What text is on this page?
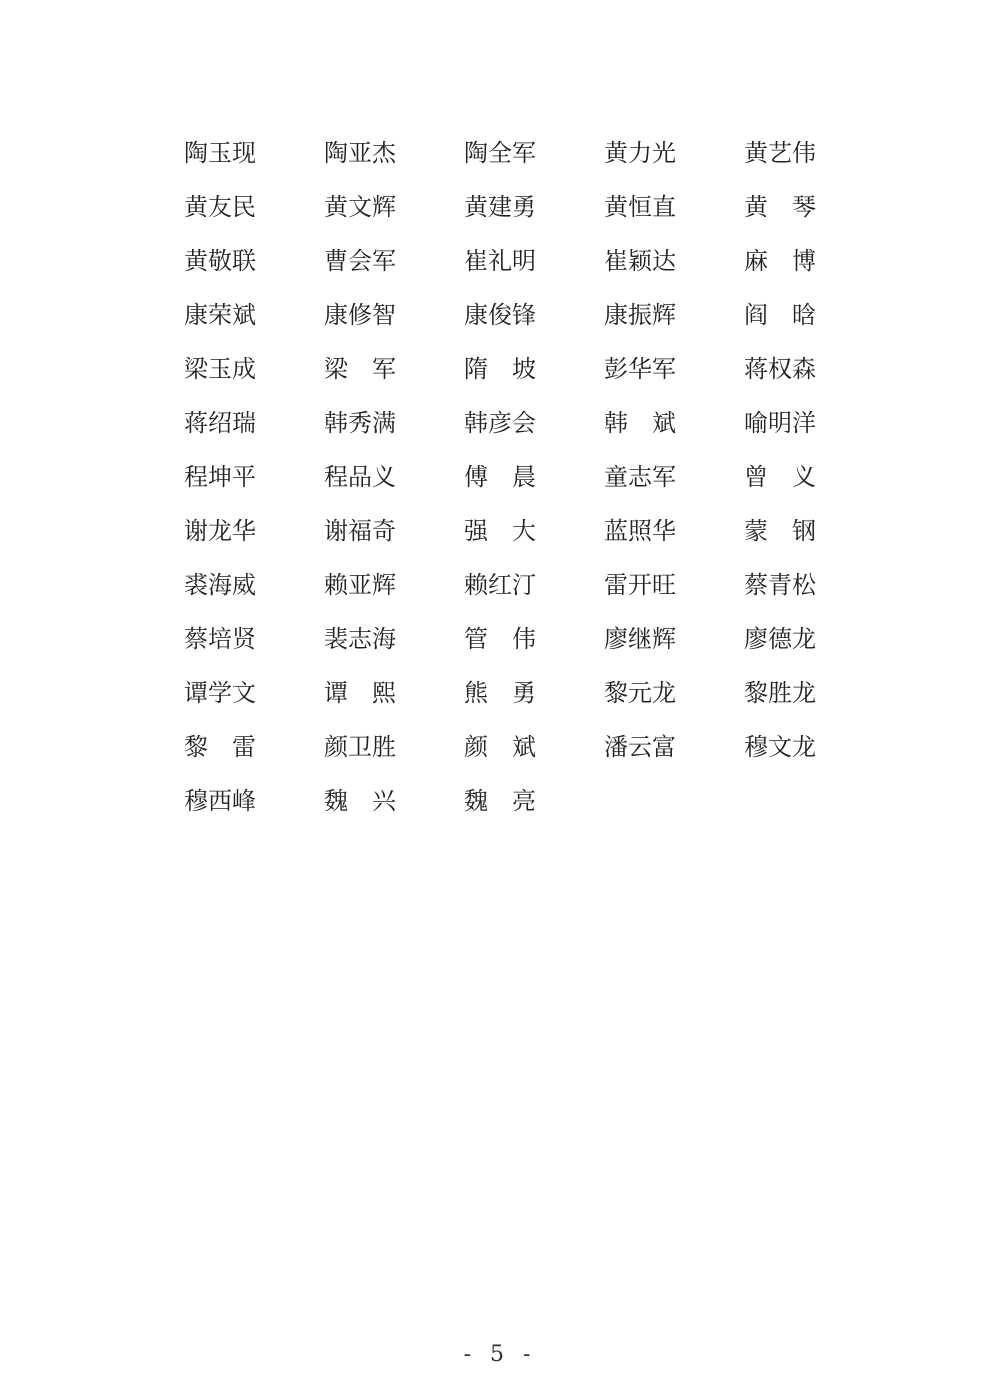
陶玉现	陶亚杰	陶全军	黄力光	黄艺伟
黄友民	黄文辉	黄建勇	黄恒直	黄 琴
黄敬联	曹会军	崔礼明	崔颖达	麻 博
康荣斌	康修智	康俊锋	康振辉	阎 晗
梁玉成	梁 军	隋 坡	彭华军	蒋权森
蒋绍瑞	韩秀满	韩彦会	韩 斌	喻明洋
程坤平	程品义	傅 晨	童志军	曾 义
谢龙华	谢福奇	强 大	蓝照华	蒙 钢
裘海威	赖亚辉	赖红汀	雷开旺	蔡青松
蔡培贤	裴志海	管 伟	廖继辉	廖德龙
谭学文	谭 熙	熊 勇	黎元龙	黎胜龙
黎 雷	颜卫胜	颜 斌	潘云富	穆文龙
穆西峰	魏 兴	魏 亮
- 5 -
